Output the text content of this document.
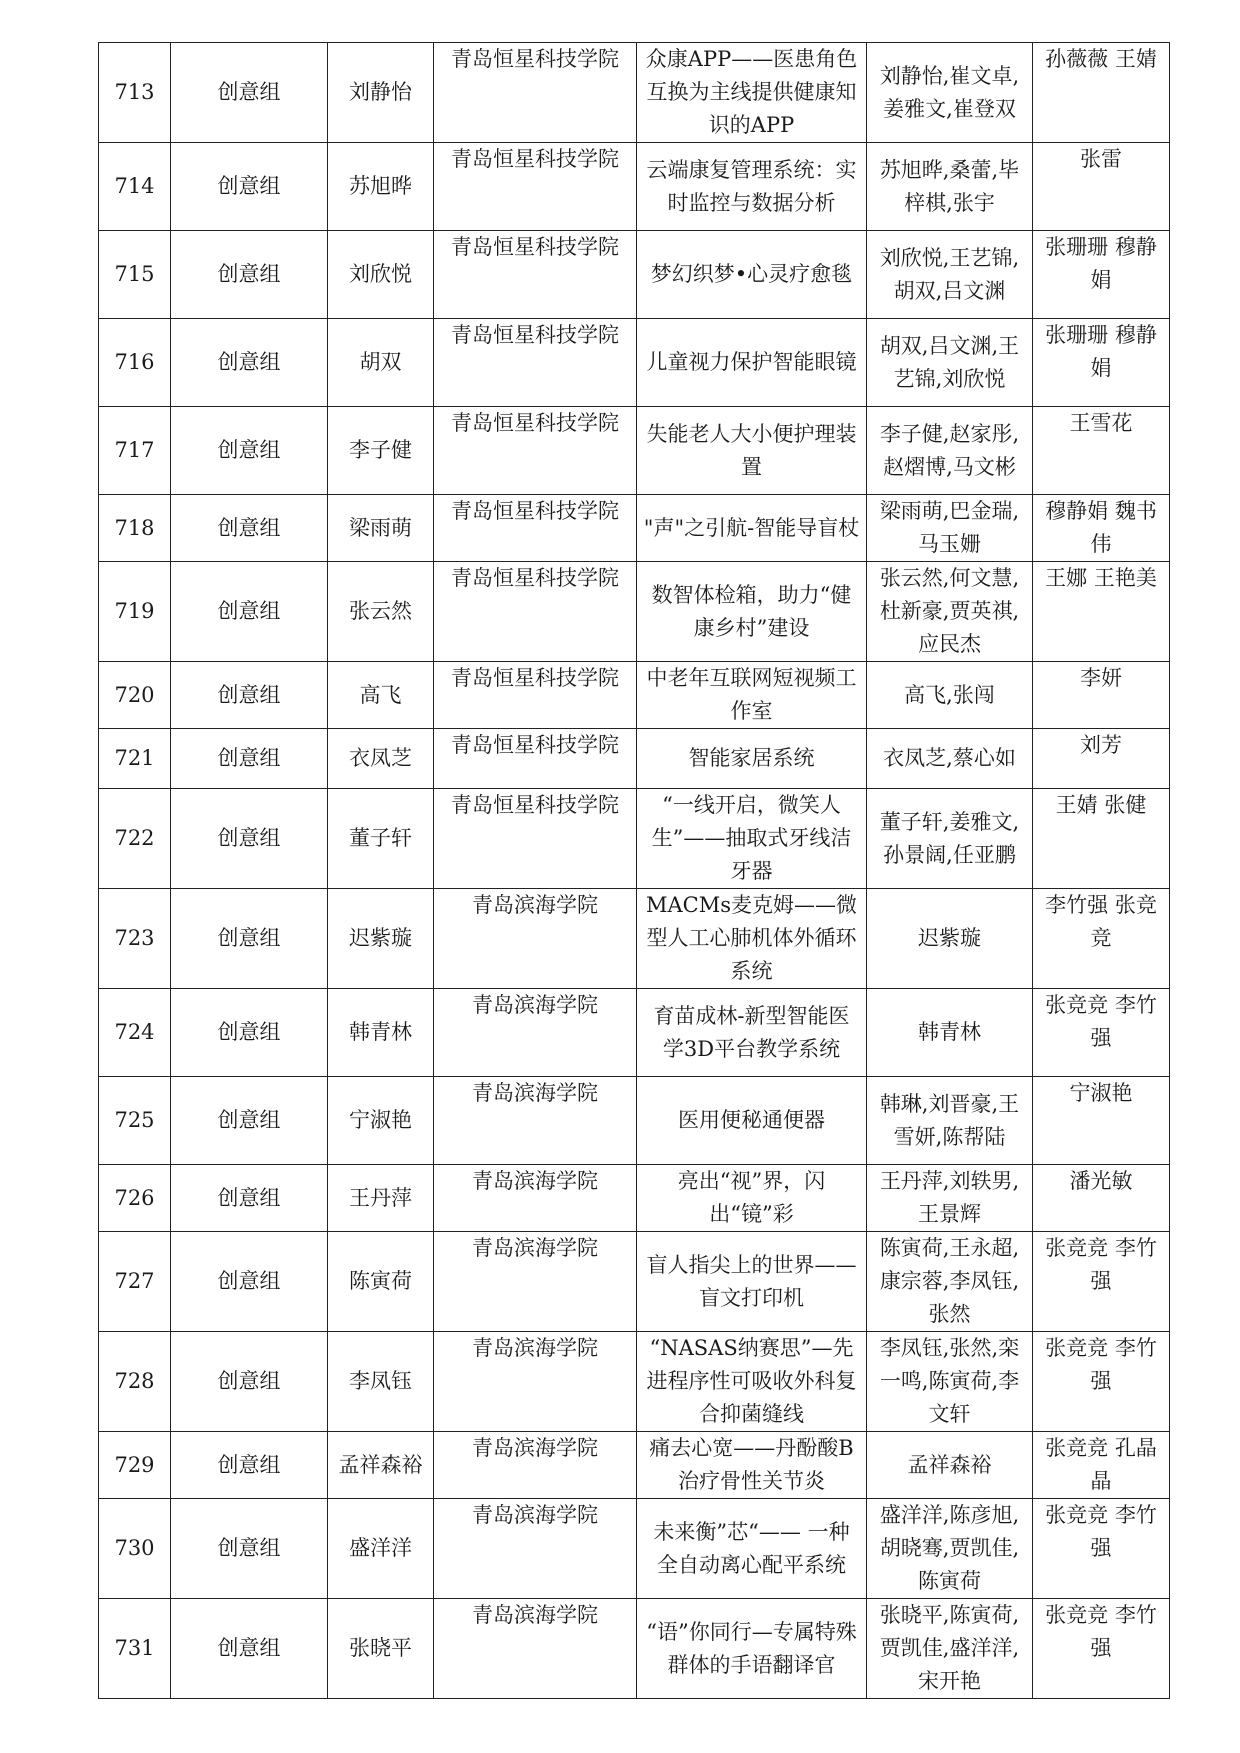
713	创意组	刘静怡	青岛恒星科技学院	众康APP——医患角色互换为主线提供健康知识的APP	刘静怡,崔文卓,姜雅文,崔登双	孙薇薇 王婧
714	创意组	苏旭晔	青岛恒星科技学院	云端康复管理系统：实时监控与数据分析	苏旭晔,桑蕾,毕梓棋,张宇	张雷
715	创意组	刘欣悦	青岛恒星科技学院	梦幻织梦•心灵疗愈毯	刘欣悦,王艺锦,胡双,吕文渊	张珊珊 穆静娟
716	创意组	胡双	青岛恒星科技学院	儿童视力保护智能眼镜	胡双,吕文渊,王艺锦,刘欣悦	张珊珊 穆静娟
717	创意组	李子健	青岛恒星科技学院	失能老人大小便护理装置	李子健,赵家彤,赵熠博,马文彬	王雪花
718	创意组	梁雨萌	青岛恒星科技学院	"声"之引航-智能导盲杖	梁雨萌,巴金瑞,马玉姗	穆静娟 魏书伟
719	创意组	张云然	青岛恒星科技学院	数智体检箱，助力“健康乡村”建设	张云然,何文慧,杜新豪,贾英祺,应民杰	王娜 王艳美
720	创意组	高飞	青岛恒星科技学院	中老年互联网短视频工作室	高飞,张闯	李妍
721	创意组	衣凤芝	青岛恒星科技学院	智能家居系统	衣凤芝,蔡心如	刘芳
722	创意组	董子轩	青岛恒星科技学院	“一线开启，微笑人生”——抽取式牙线洁牙器	董子轩,姜雅文,孙景阔,任亚鹏	王婧 张健
723	创意组	迟紫璇	青岛滨海学院	MACMs麦克姆——微型人工心肺机体外循环系统	迟紫璇	李竹强 张竞竞
724	创意组	韩青林	青岛滨海学院	育苗成林-新型智能医学3D平台教学系统	韩青林	张竞竞 李竹强
725	创意组	宁淑艳	青岛滨海学院	医用便秘通便器	韩琳,刘晋豪,王雪妍,陈帮陆	宁淑艳
726	创意组	王丹萍	青岛滨海学院	亮出“视”界，闪出“镜”彩	王丹萍,刘轶男,王景辉	潘光敏
727	创意组	陈寅荷	青岛滨海学院	盲人指尖上的世界——盲文打印机	陈寅荷,王永超,康宗蓉,李凤钰,张然	张竞竞 李竹强
728	创意组	李凤钰	青岛滨海学院	“NASAS纳赛思”—先进程序性可吸收外科复合抑菌缝线	李凤钰,张然,栾一鸣,陈寅荷,李文轩	张竞竞 李竹强
729	创意组	孟祥森裕	青岛滨海学院	痛去心宽——丹酚酸B治疗骨性关节炎	孟祥森裕	张竞竞 孔晶晶
730	创意组	盛洋洋	青岛滨海学院	未来衡”芯“—— 一种全自动离心配平系统	盛洋洋,陈彦旭,胡晓骞,贾凯佳,陈寅荷	张竞竞 李竹强
731	创意组	张晓平	青岛滨海学院	“语”你同行—专属特殊群体的手语翻译官	张晓平,陈寅荷,贾凯佳,盛洋洋,宋开艳	张竞竞 李竹强
